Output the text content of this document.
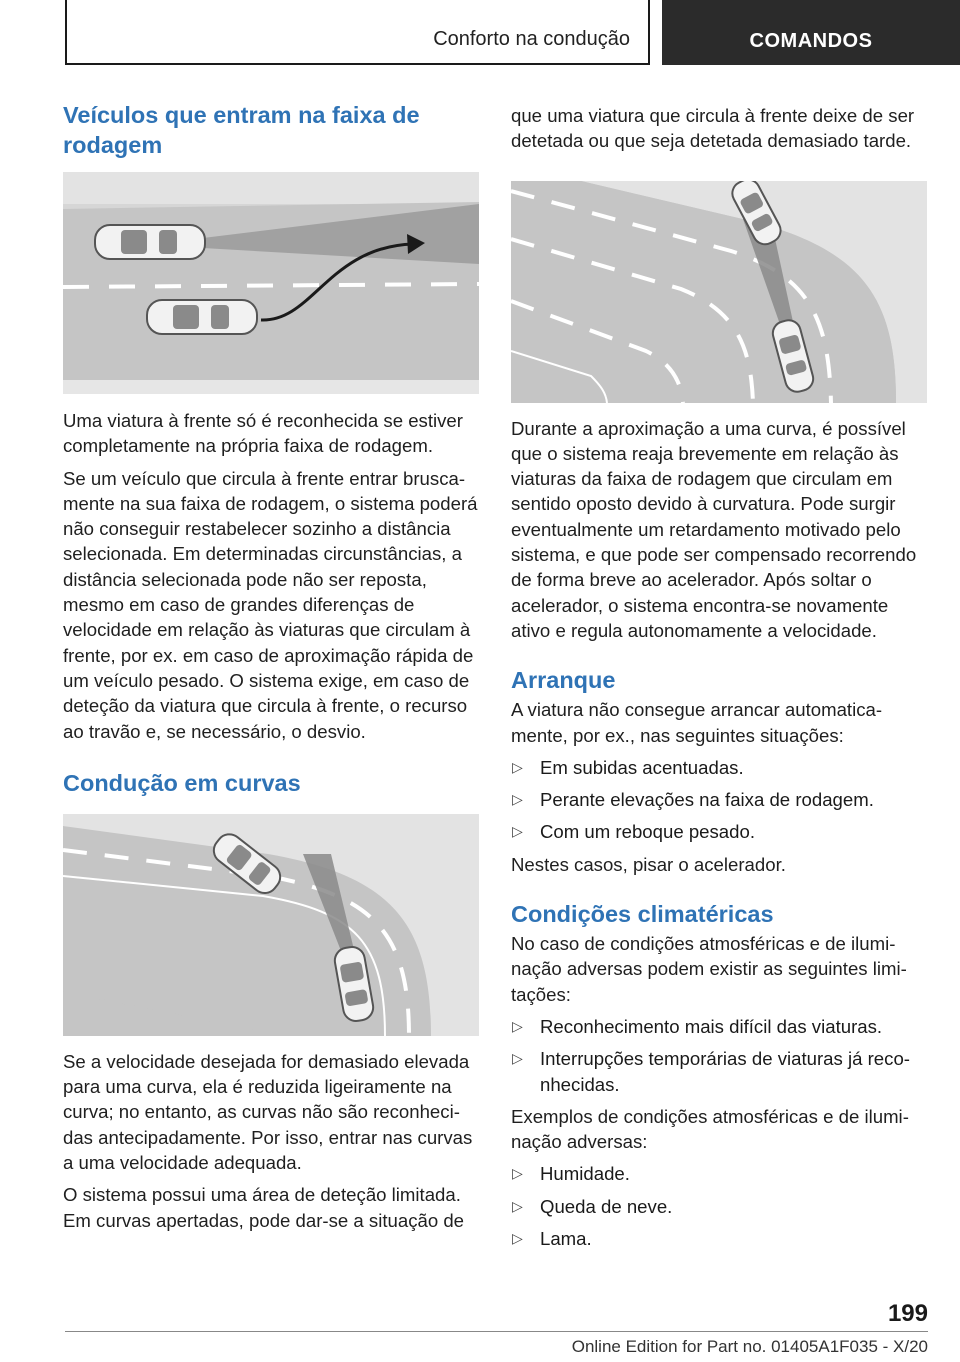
Conforto na condução	COMANDOS
Veículos que entram na faixa de rodagem

Uma viatura à frente só é reconhecida se estiver completamente na própria faixa de rodagem.

Se um veículo que circula à frente entrar bruscamente na sua faixa de rodagem, o sistema poderá não conseguir restabelecer sozinho a distância selecionada. Em determinadas circunstâncias, a distância selecionada pode não ser reposta, mesmo em caso de grandes diferenças de velocidade em relação às viaturas que circulam à frente, por ex. em caso de aproximação rápida de um veículo pesado. O sistema exige, em caso de deteção da viatura que circula à frente, o recurso ao travão e, se necessário, o desvio.

Condução em curvas

Se a velocidade desejada for demasiado elevada para uma curva, ela é reduzida ligeiramente na curva; no entanto, as curvas não são reconhecidas antecipadamente. Por isso, entrar nas curvas a uma velocidade adequada.

O sistema possui uma área de deteção limitada. Em curvas apertadas, pode dar-se a situação de

que uma viatura que circula à frente deixe de ser detetada ou que seja detetada demasiado tarde.

Durante a aproximação a uma curva, é possível que o sistema reaja brevemente em relação às viaturas da faixa de rodagem que circulam em sentido oposto devido à curvatura. Pode surgir eventualmente um retardamento motivado pelo sistema, e que pode ser compensado recorrendo de forma breve ao acelerador. Após soltar o acelerador, o sistema encontra-se novamente ativo e regula autonomamente a velocidade.

Arranque

A viatura não consegue arrancar automaticamente, por ex., nas seguintes situações:

▷ Em subidas acentuadas.
▷ Perante elevações na faixa de rodagem.
▷ Com um reboque pesado.

Nestes casos, pisar o acelerador.

Condições climatéricas

No caso de condições atmosféricas e de iluminação adversas podem existir as seguintes limitações:

▷ Reconhecimento mais difícil das viaturas.
▷ Interrupções temporárias de viaturas já reconhecidas.

Exemplos de condições atmosféricas e de iluminação adversas:

▷ Humidade.
▷ Queda de neve.
▷ Lama.
199
Online Edition for Part no. 01405A1F035 - X/20
